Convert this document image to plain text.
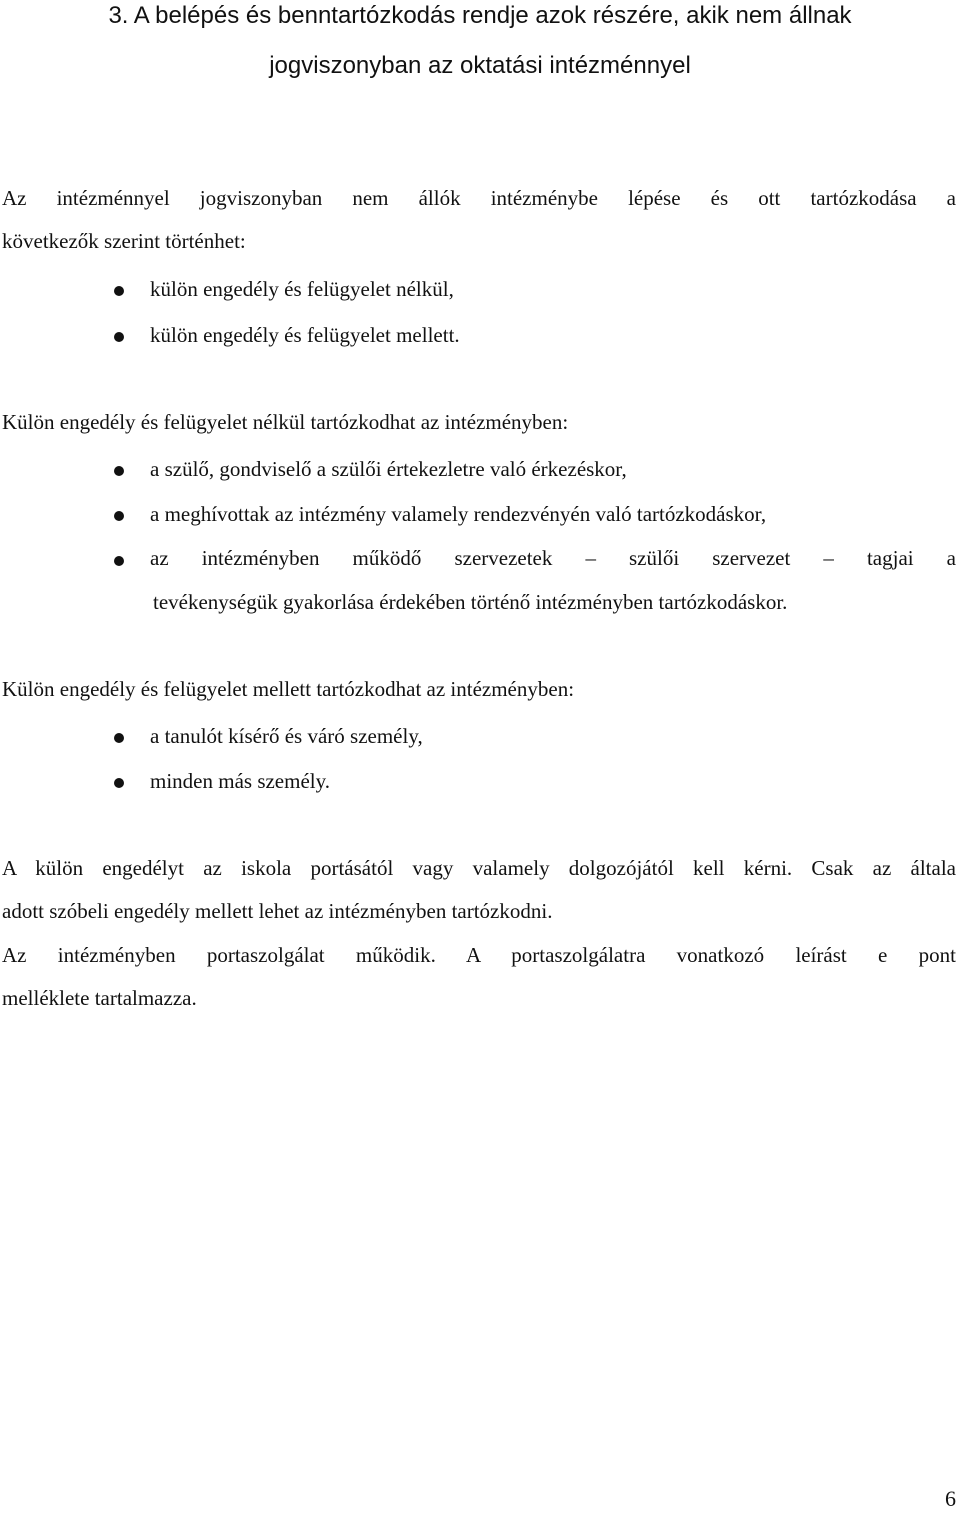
3. A belépés és benntartózkodás rendje azok részére, akik nem állnak
jogviszonyban az oktatási intézménnyel
Az intézménnyel jogviszonyban nem állók intézménybe lépése és ott tartózkodása a
következők szerint történhet:
külön engedély és felügyelet nélkül,
külön engedély és felügyelet mellett.
Külön engedély és felügyelet nélkül tartózkodhat az intézményben:
a szülő, gondviselő a szülői értekezletre való érkezéskor,
a meghívottak az intézmény valamely rendezvényén való tartózkodáskor,
az intézményben működő szervezetek – szülői szervezet – tagjai a
tevékenységük gyakorlása érdekében történő intézményben tartózkodáskor.
Külön engedély és felügyelet mellett tartózkodhat az intézményben:
a tanulót kísérő és váró személy,
minden más személy.
A külön engedélyt az iskola portásától vagy valamely dolgozójától kell kérni. Csak az általa
adott szóbeli engedély mellett lehet az intézményben tartózkodni.
Az intézményben portaszolgálat működik. A portaszolgálatra vonatkozó leírást e pont
melléklete tartalmazza.
6
